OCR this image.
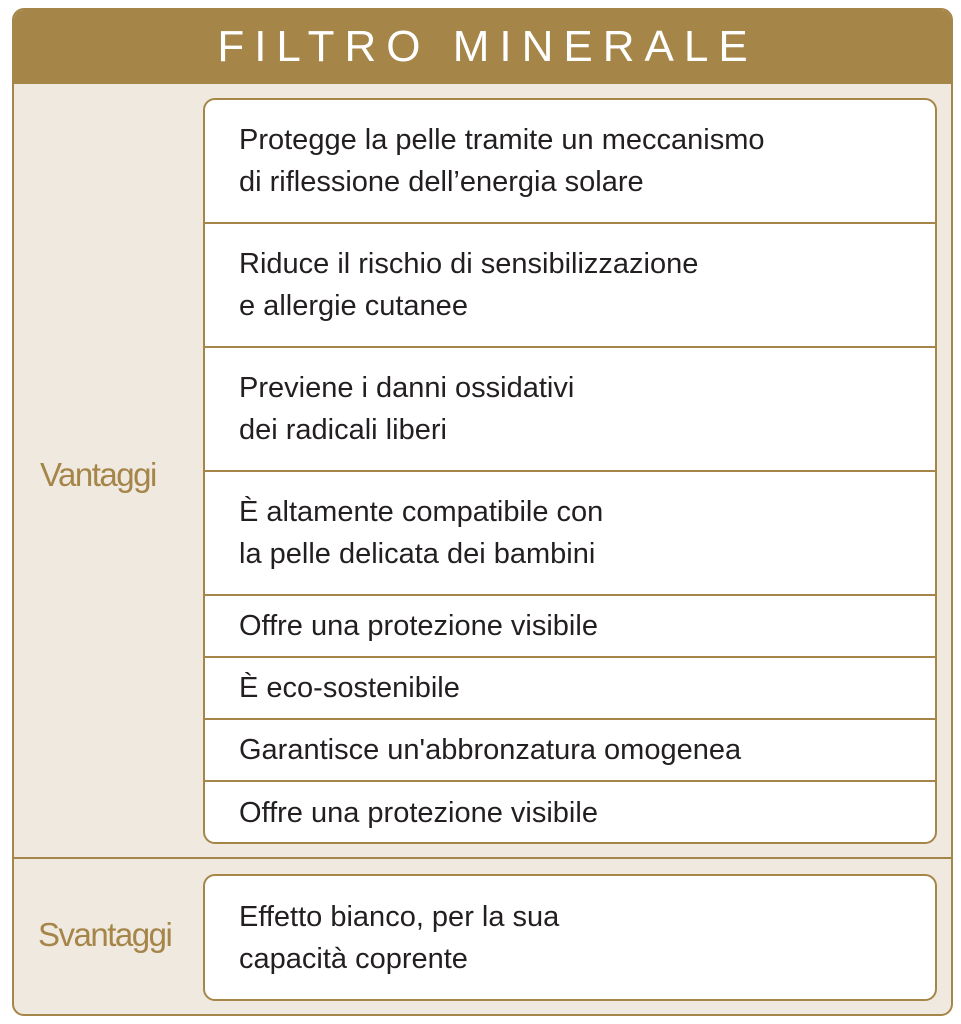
FILTRO MINERALE
Vantaggi
Protegge la pelle tramite un meccanismo
di riflessione dell’energia solare
Riduce il rischio di sensibilizzazione
e allergie cutanee
Previene i danni ossidativi
dei radicali liberi
È altamente compatibile con
la pelle delicata dei bambini
Offre una protezione visibile
È eco-sostenibile
Garantisce un'abbronzatura omogenea
Offre una protezione visibile
Svantaggi Effetto bianco, per la sua
capacità coprente
